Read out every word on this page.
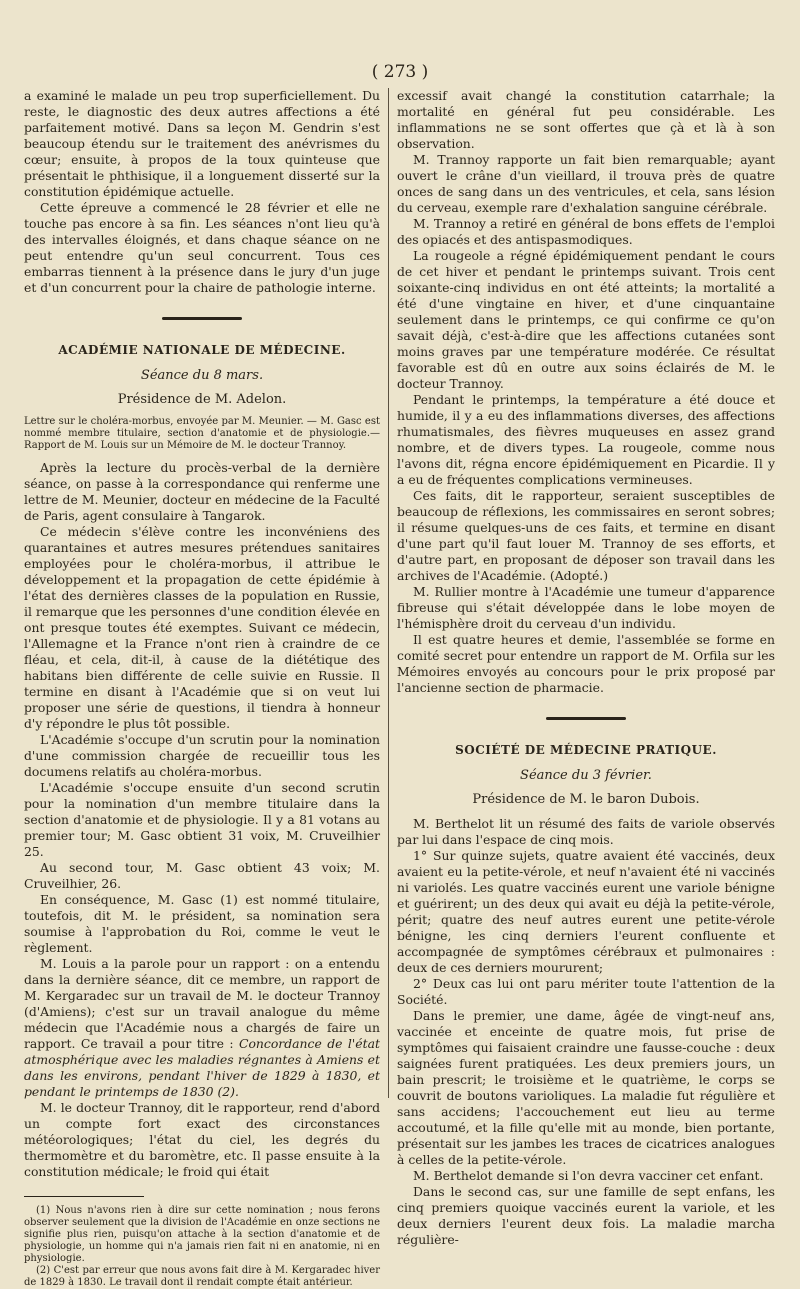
( 273 )

a examiné le malade un peu trop superficiellement. Du reste, le diagnostic des deux autres affections a été parfaitement motivé. Dans sa leçon M. Gendrin s'est beaucoup étendu sur le traitement des anévrismes du cœur; ensuite, à propos de la toux quinteuse que présentait le phthisique, il a longuement disserté sur la constitution épidémique actuelle.

Cette épreuve a commencé le 28 février et elle ne touche pas encore à sa fin. Les séances n'ont lieu qu'à des intervalles éloignés, et dans chaque séance on ne peut entendre qu'un seul concurrent. Tous ces embarras tiennent à la présence dans le jury d'un juge et d'un concurrent pour la chaire de pathologie interne.

ACADÉMIE NATIONALE DE MÉDECINE.
Séance du 8 mars.
Présidence de M. Adelon.

Lettre sur le choléra-morbus, envoyée par M. Meunier. — M. Gasc est nommé membre titulaire, section d'anatomie et de physiologie.—Rapport de M. Louis sur un Mémoire de M. le docteur Trannoy.

Après la lecture du procès-verbal de la dernière séance, on passe à la correspondance qui renferme une lettre de M. Meunier, docteur en médecine de la Faculté de Paris, agent consulaire à Tangarok.

Ce médecin s'élève contre les inconvéniens des quarantaines et autres mesures prétendues sanitaires employées pour le choléra-morbus, il attribue le développement et la propagation de cette épidémie à l'état des dernières classes de la population en Russie, il remarque que les personnes d'une condition élevée en ont presque toutes été exemptes. Suivant ce médecin, l'Allemagne et la France n'ont rien à craindre de ce fléau, et cela, dit-il, à cause de la diététique des habitans bien différente de celle suivie en Russie. Il termine en disant à l'Académie que si on veut lui proposer une série de questions, il tiendra à honneur d'y répondre le plus tôt possible.

L'Académie s'occupe d'un scrutin pour la nomination d'une commission chargée de recueillir tous les documens relatifs au choléra-morbus.

L'Académie s'occupe ensuite d'un second scrutin pour la nomination d'un membre titulaire dans la section d'anatomie et de physiologie. Il y a 81 votans au premier tour; M. Gasc obtient 31 voix, M. Cruveilhier 25.

Au second tour, M. Gasc obtient 43 voix; M. Cruveilhier, 26.

En conséquence, M. Gasc (1) est nommé titulaire, toutefois, dit M. le président, sa nomination sera soumise à l'approbation du Roi, comme le veut le règlement.

M. Louis a la parole pour un rapport : on a entendu dans la dernière séance, dit ce membre, un rapport de M. Kergaradec sur un travail de M. le docteur Trannoy (d'Amiens); c'est sur un travail analogue du même médecin que l'Académie nous a chargés de faire un rapport. Ce travail a pour titre : Concordance de l'état atmosphérique avec les maladies régnantes à Amiens et dans les environs, pendant l'hiver de 1829 à 1830, et pendant le printemps de 1830 (2).

M. le docteur Trannoy, dit le rapporteur, rend d'abord un compte fort exact des circonstances météorologiques; l'état du ciel, les degrés du thermomètre et du baromètre, etc. Il passe ensuite à la constitution médicale; le froid qui était

(1) Nous n'avons rien à dire sur cette nomination ; nous ferons observer seulement que la division de l'Académie en onze sections ne signifie plus rien, puisqu'on attache à la section d'anatomie et de physiologie, un homme qui n'a jamais rien fait ni en anatomie, ni en physiologie.

(2) C'est par erreur que nous avons fait dire à M. Kergaradec hiver de 1829 à 1830. Le travail dont il rendait compte était antérieur.

excessif avait changé la constitution catarrhale; la mortalité en général fut peu considérable. Les inflammations ne se sont offertes que çà et là à son observation.

M. Trannoy rapporte un fait bien remarquable; ayant ouvert le crâne d'un vieillard, il trouva près de quatre onces de sang dans un des ventricules, et cela, sans lésion du cerveau, exemple rare d'exhalation sanguine cérébrale.

M. Trannoy a retiré en général de bons effets de l'emploi des opiacés et des antispasmodiques.

La rougeole a régné épidémiquement pendant le cours de cet hiver et pendant le printemps suivant. Trois cent soixante-cinq individus en ont été atteints; la mortalité a été d'une vingtaine en hiver, et d'une cinquantaine seulement dans le printemps, ce qui confirme ce qu'on savait déjà, c'est-à-dire que les affections cutanées sont moins graves par une température modérée. Ce résultat favorable est dû en outre aux soins éclairés de M. le docteur Trannoy.

Pendant le printemps, la température a été douce et humide, il y a eu des inflammations diverses, des affections rhumatismales, des fièvres muqueuses en assez grand nombre, et de divers types. La rougeole, comme nous l'avons dit, régna encore épidémiquement en Picardie. Il y a eu de fréquentes complications vermineuses.

Ces faits, dit le rapporteur, seraient susceptibles de beaucoup de réflexions, les commissaires en seront sobres; il résume quelques-uns de ces faits, et termine en disant d'une part qu'il faut louer M. Trannoy de ses efforts, et d'autre part, en proposant de déposer son travail dans les archives de l'Académie. (Adopté.)

M. Rullier montre à l'Académie une tumeur d'apparence fibreuse qui s'était développée dans le lobe moyen de l'hémisphère droit du cerveau d'un individu.

Il est quatre heures et demie, l'assemblée se forme en comité secret pour entendre un rapport de M. Orfila sur les Mémoires envoyés au concours pour le prix proposé par l'ancienne section de pharmacie.

SOCIÉTÉ DE MÉDECINE PRATIQUE.
Séance du 3 février.
Présidence de M. le baron Dubois.

M. Berthelot lit un résumé des faits de variole observés par lui dans l'espace de cinq mois.

1° Sur quinze sujets, quatre avaient été vaccinés, deux avaient eu la petite-vérole, et neuf n'avaient été ni vaccinés ni variolés. Les quatre vaccinés eurent une variole bénigne et guérirent; un des deux qui avait eu déjà la petite-vérole, périt; quatre des neuf autres eurent une petite-vérole bénigne, les cinq derniers l'eurent confluente et accompagnée de symptômes cérébraux et pulmonaires : deux de ces derniers moururent;

2° Deux cas lui ont paru mériter toute l'attention de la Société.

Dans le premier, une dame, âgée de vingt-neuf ans, vaccinée et enceinte de quatre mois, fut prise de symptômes qui faisaient craindre une fausse-couche : deux saignées furent pratiquées. Les deux premiers jours, un bain prescrit; le troisième et le quatrième, le corps se couvrit de boutons varioliques. La maladie fut régulière et sans accidens; l'accouchement eut lieu au terme accoutumé, et la fille qu'elle mit au monde, bien portante, présentait sur les jambes les traces de cicatrices analogues à celles de la petite-vérole.

M. Berthelot demande si l'on devra vacciner cet enfant.

Dans le second cas, sur une famille de sept enfans, les cinq premiers quoique vaccinés eurent la variole, et les deux derniers l'eurent deux fois. La maladie marcha régulière-
